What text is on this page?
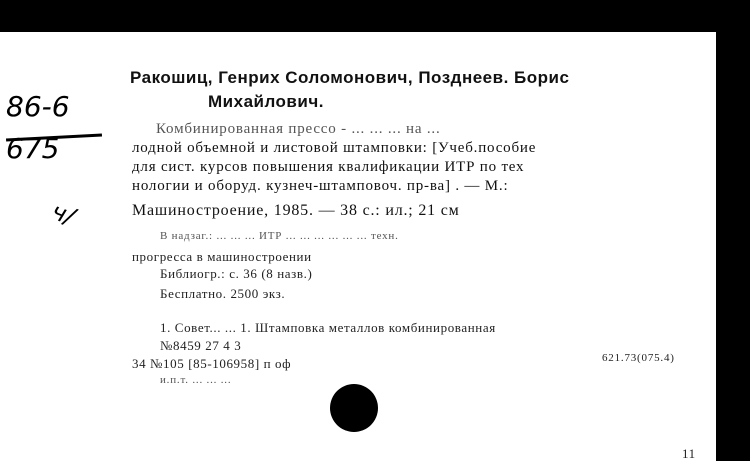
86-6
675
ч/
Ракошиц, Генрих Соломонович, Позднеев. Борис
Михайлович.
Комбинированная прессо - ... ... ... на ...
лодной объемной и листовой штамповки: [Учеб.пособие
для сист. курсов повышения квалификации ИТР по тех
нологии и оборуд. кузнеч-штамповоч. пр-ва] . — М.:
Машиностроение, 1985. — 38 с.: ил.; 21 см
В надзаг.: ... ... ... ИТР ... ... ... ... ... ... техн.
прогресса в машиностроении
Библиогр.: с. 36 (8 назв.)
Бесплатно. 2500 экз.
1. Совет... ... 1. Штамповка металлов комбинированная
№8459 27 4 3
34 №105 [85-106958] п оф
и.п.т. ... ... ...
621.73(075.4)
11
